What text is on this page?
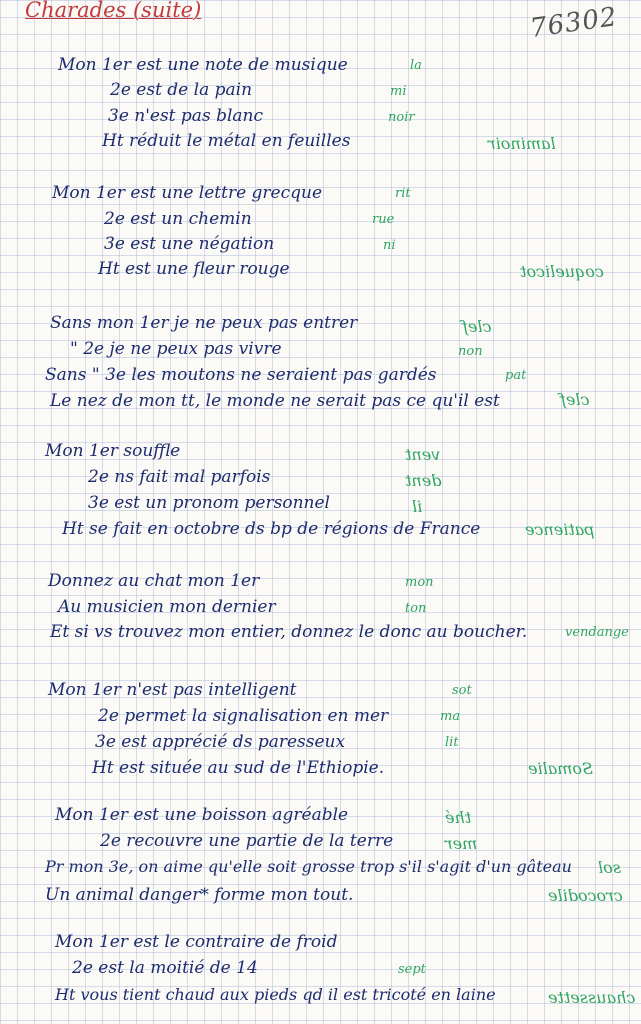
Charades (suite)	76302
Mon 1er est une note de musique
2e est de la pain
3e n'est pas blanc
Ht réduit le métal en feuilles
la
mi
noir
laminoir
Mon 1er est une lettre grecque
2e est un chemin
3e est une négation
Ht est une fleur rouge
rit
rue
ni
coquelicot
Sans mon 1er je ne peux pas entrer
" 2e je ne peux pas vivre
Sans " 3e les moutons ne seraient pas gardés
Le nez de mon tt, le monde ne serait pas ce qu'il est
clef
non
pat
clef
Mon 1er souffle
2e ns fait mal parfois
3e est un pronom personnel
Ht se fait en octobre ds bp de régions de France
vent
dent
il
patience
Donnez au chat mon 1er
Au musicien mon dernier
Et si vs trouvez mon entier, donnez le donc au boucher.
mon
ton
vendange
Mon 1er n'est pas intelligent
2e permet la signalisation en mer
3e est apprécié ds paresseux
Ht est située au sud de l'Ethiopie.
sot
ma
lit
Somalie
Mon 1er est une boisson agréable
2e recouvre une partie de la terre
Pr mon 3e, on aime qu'elle soit grosse trop s'il s'agit d'un gâteau
Un animal danger* forme mon tout.
thé
mer
sol
crocodile
Mon 1er est le contraire de froid
2e est la moitié de 14
Ht vous tient chaud aux pieds qd il est tricoté en laine
sept
chaussette
